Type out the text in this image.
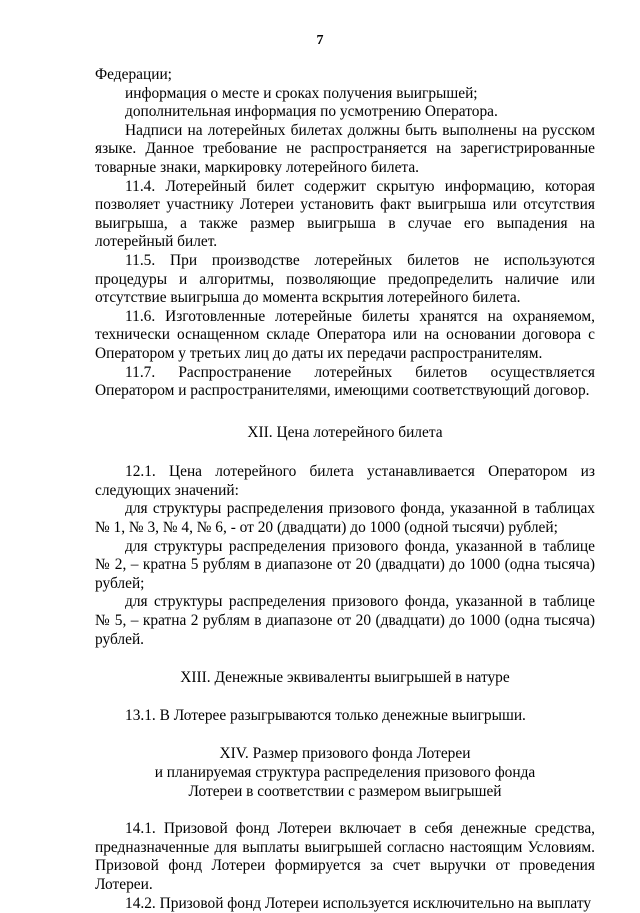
7

Федерации;

информация о месте и сроках получения выигрышей;

дополнительная информация по усмотрению Оператора.

Надписи на лотерейных билетах должны быть выполнены на русском языке. Данное требование не распространяется на зарегистрированные товарные знаки, маркировку лотерейного билета.

11.4. Лотерейный билет содержит скрытую информацию, которая позволяет участнику Лотереи установить факт выигрыша или отсутствия выигрыша, а также размер выигрыша в случае его выпадения на лотерейный билет.

11.5. При производстве лотерейных билетов не используются процедуры и алгоритмы, позволяющие предопределить наличие или отсутствие выигрыша до момента вскрытия лотерейного билета.

11.6. Изготовленные лотерейные билеты хранятся на охраняемом, технически оснащенном складе Оператора или на основании договора с Оператором у третьих лиц до даты их передачи распространителям.

11.7. Распространение лотерейных билетов осуществляется Оператором и распространителями, имеющими соответствующий договор.

XII. Цена лотерейного билета

12.1. Цена лотерейного билета устанавливается Оператором из следующих значений:

для структуры распределения призового фонда, указанной в таблицах № 1, № 3, № 4, № 6, - от 20 (двадцати) до 1000 (одной тысячи) рублей;

для структуры распределения призового фонда, указанной в таблице № 2, – кратна 5 рублям в диапазоне от 20 (двадцати) до 1000 (одна тысяча) рублей;

для структуры распределения призового фонда, указанной в таблице № 5, – кратна 2 рублям в диапазоне от 20 (двадцати) до 1000 (одна тысяча) рублей.

XIII. Денежные эквиваленты выигрышей в натуре

13.1. В Лотерее разыгрываются только денежные выигрыши.

XIV. Размер призового фонда Лотереи

и планируемая структура распределения призового фонда

Лотереи в соответствии с размером выигрышей

14.1. Призовой фонд Лотереи включает в себя денежные средства, предназначенные для выплаты выигрышей согласно настоящим Условиям. Призовой фонд Лотереи формируется за счет выручки от проведения Лотереи.

14.2. Призовой фонд Лотереи используется исключительно на выплату
